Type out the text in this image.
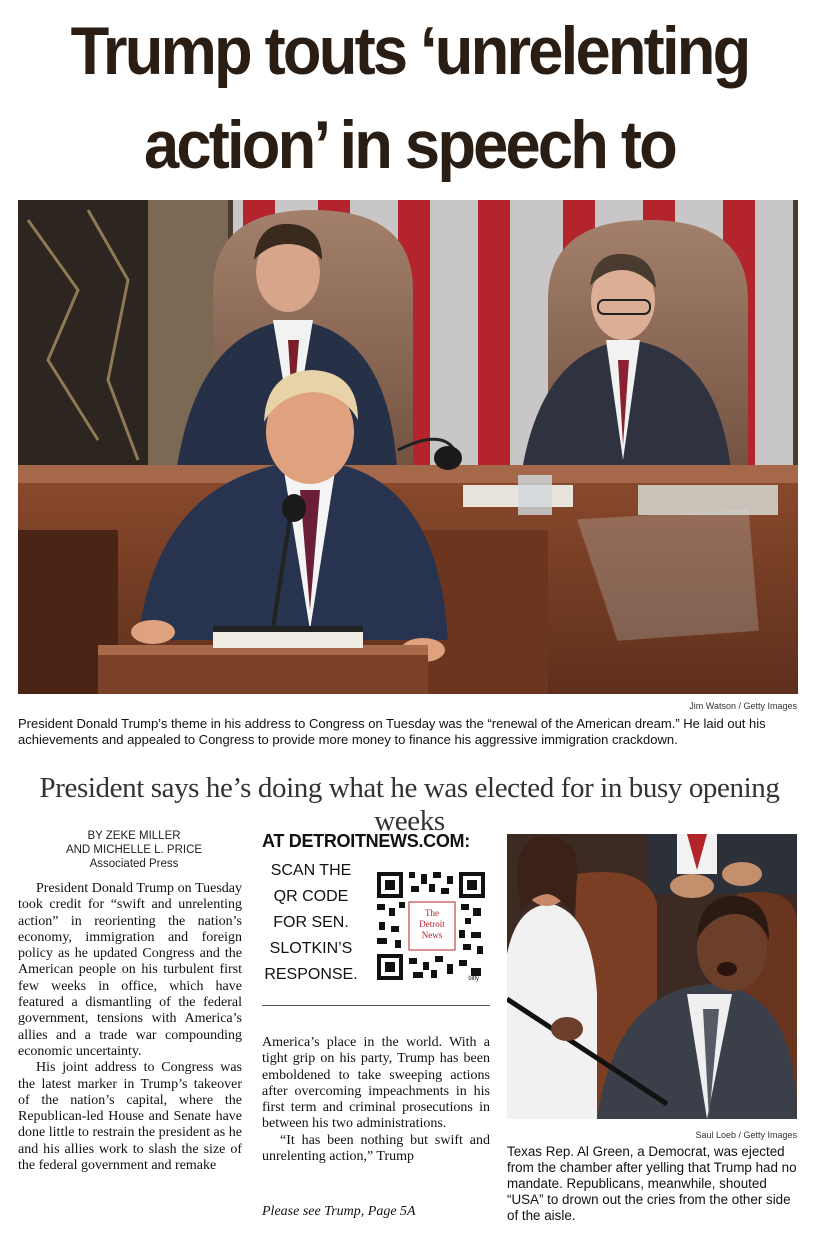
Trump touts ‘unrelenting
action’ in speech to
Jim Watson / Getty Images
President Donald Trump’s theme in his address to Congress on Tuesday was the “renewal of the American dream.” He laid out his achievements and appealed to Congress to provide more money to finance his aggressive immigration crackdown.
President says he’s doing what he was elected for in busy opening weeks
BY ZEKE MILLER
AND MICHELLE L. PRICE
Associated Press

President Donald Trump on Tuesday took credit for “swift and unrelenting action” in reorienting the nation’s economy, immigration and foreign policy as he updated Congress and the American people on his turbulent first few weeks in office, which have featured a dismantling of the federal government, tensions with America’s allies and a trade war compounding economic uncertainty.

His joint address to Congress was the latest marker in Trump’s takeover of the nation’s capital, where the Republican-led House and Senate have done little to restrain the president as he and his allies work to slash the size of the federal government and remake

AT DETROITNEWS.COM:
SCAN THE QR CODE FOR SEN. SLOTKIN’S RESPONSE.
The
Detroit
News
bitly

America’s place in the world. With a tight grip on his party, Trump has been emboldened to take sweeping actions after overcoming impeachments in his first term and criminal prosecutions in between his two administrations.

“It has been nothing but swift and unrelenting action,” Trump

Please see Trump, Page 5A
Saul Loeb / Getty Images
Texas Rep. Al Green, a Democrat, was ejected from the chamber after yelling that Trump had no mandate. Republicans, meanwhile, shouted “USA” to drown out the cries from the other side of the aisle.
